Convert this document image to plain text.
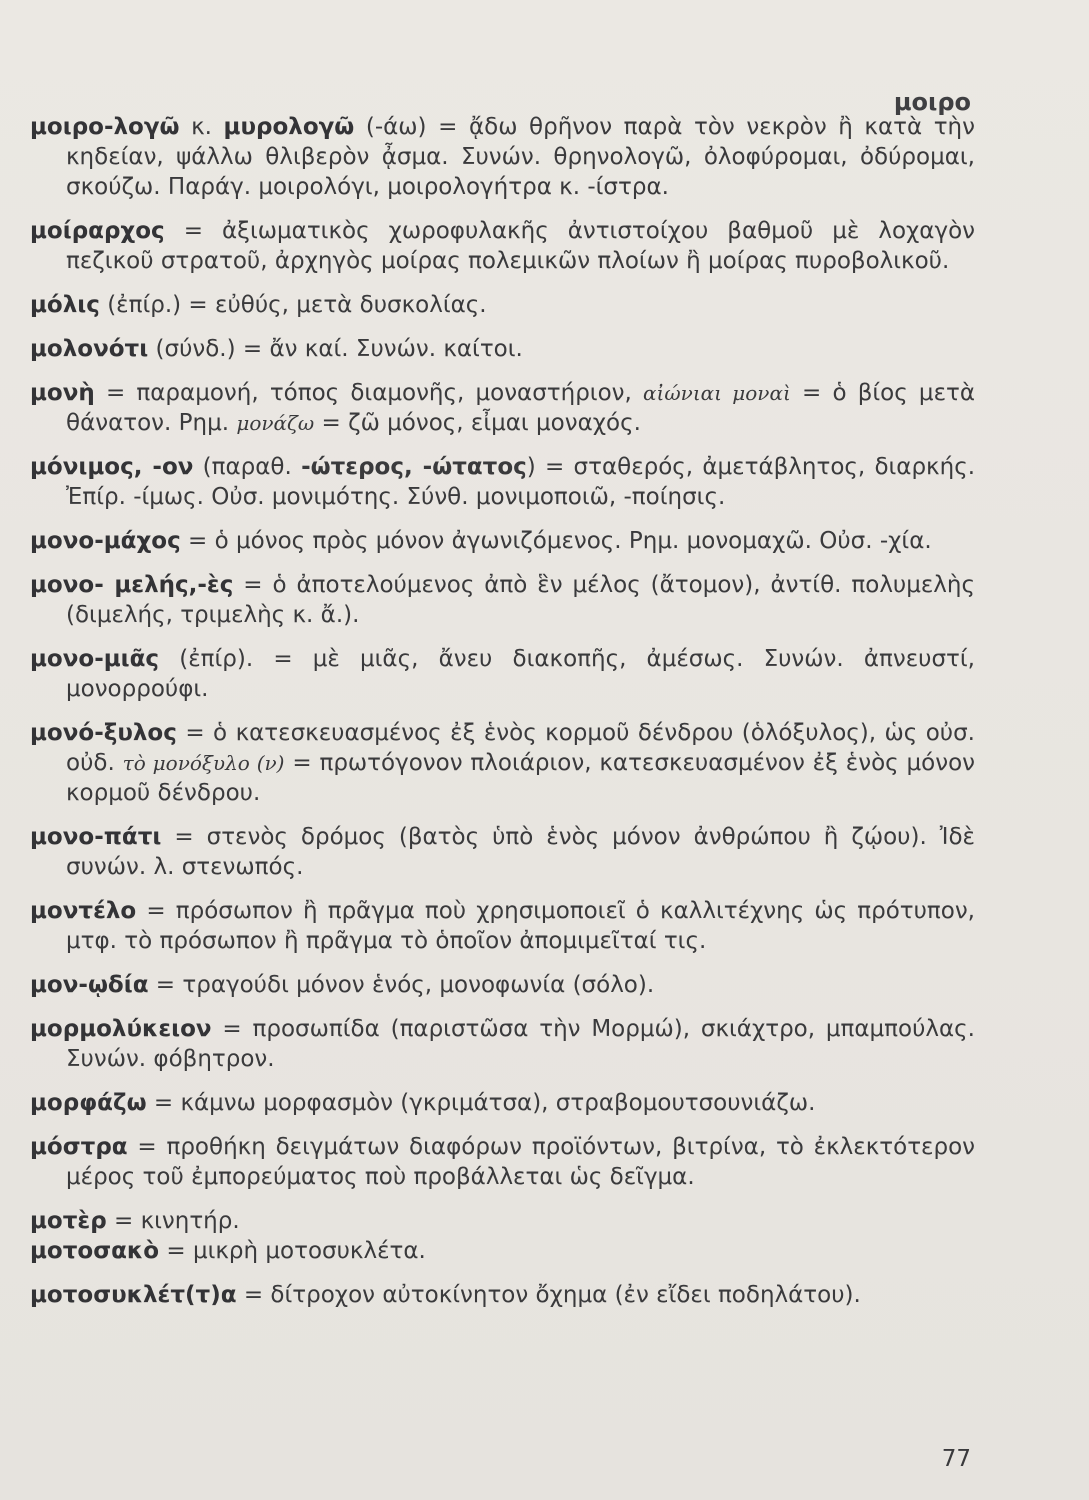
μοιρο

μοιρο-λογῶ κ. μυρολογῶ (-άω) = ᾄδω θρῆνον παρὰ τὸν νεκρὸν ἢ κατὰ τὴν κηδείαν, ψάλλω θλιβερὸν ᾆσμα. Συνών. θρηνολογῶ, ὀλοφύρομαι, ὀδύρομαι, σκούζω. Παράγ. μοιρολόγι, μοιρολογήτρα κ. -ίστρα.

μοίραρχος = ἀξιωματικὸς χωροφυλακῆς ἀντιστοίχου βαθμοῦ μὲ λοχαγὸν πεζικοῦ στρατοῦ, ἀρχηγὸς μοίρας πολεμικῶν πλοίων ἢ μοίρας πυροβολικοῦ.

μόλις (ἐπίρ.) = εὐθύς, μετὰ δυσκολίας.

μολονότι (σύνδ.) = ἄν καί. Συνών. καίτοι.

μονὴ = παραμονή, τόπος διαμονῆς, μοναστήριον, αἰώνιαι μοναὶ = ὁ βίος μετὰ θάνατον. Ρημ. μονάζω = ζῶ μόνος, εἶμαι μοναχός.

μόνιμος, -ον (παραθ. -ώτερος, -ώτατος) = σταθερός, ἀμετάβλητος, διαρκής. Ἐπίρ. -ίμως. Οὐσ. μονιμότης. Σύνθ. μονιμοποιῶ, -ποίησις.

μονο-μάχος = ὁ μόνος πρὸς μόνον ἀγωνιζόμενος. Ρημ. μονομαχῶ. Οὐσ. -χία.

μονο- μελής,-ὲς = ὁ ἀποτελούμενος ἀπὸ ἓν μέλος (ἄτομον), ἀντίθ. πολυμελὴς (διμελής, τριμελὴς κ. ἄ.).

μονο-μιᾶς (ἐπίρ). = μὲ μιᾶς, ἄνευ διακοπῆς, ἀμέσως. Συνών. ἀπνευστί, μονορρούφι.

μονό-ξυλος = ὁ κατεσκευασμένος ἐξ ἑνὸς κορμοῦ δένδρου (ὁλόξυλος), ὡς οὐσ. οὐδ. τὸ μονόξυλο (ν) = πρωτόγονον πλοιάριον, κατεσκευασμένον ἐξ ἑνὸς μόνον κορμοῦ δένδρου.

μονο-πάτι = στενὸς δρόμος (βατὸς ὑπὸ ἑνὸς μόνον ἀνθρώπου ἢ ζῴου). Ἰδὲ συνών. λ. στενωπός.

μοντέλο = πρόσωπον ἢ πρᾶγμα ποὺ χρησιμοποιεῖ ὁ καλλιτέχνης ὡς πρότυπον, μτφ. τὸ πρόσωπον ἢ πρᾶγμα τὸ ὁποῖον ἀπομιμεῖταί τις.

μον-ῳδία = τραγούδι μόνον ἑνός, μονοφωνία (σόλο).

μορμολύκειον = προσωπίδα (παριστῶσα τὴν Μορμώ), σκιάχτρο, μπαμπούλας. Συνών. φόβητρον.

μορφάζω = κάμνω μορφασμὸν (γκριμάτσα), στραβομουτσουνιάζω.

μόστρα = προθήκη δειγμάτων διαφόρων προϊόντων, βιτρίνα, τὸ ἐκλεκτότερον μέρος τοῦ ἐμπορεύματος ποὺ προβάλλεται ὡς δεῖγμα.

μοτὲρ = κινητήρ.

μοτοσακὸ = μικρὴ μοτοσυκλέτα.

μοτοσυκλέτ(τ)α = δίτροχον αὐτοκίνητον ὄχημα (ἐν εἴδει ποδηλάτου).

77
